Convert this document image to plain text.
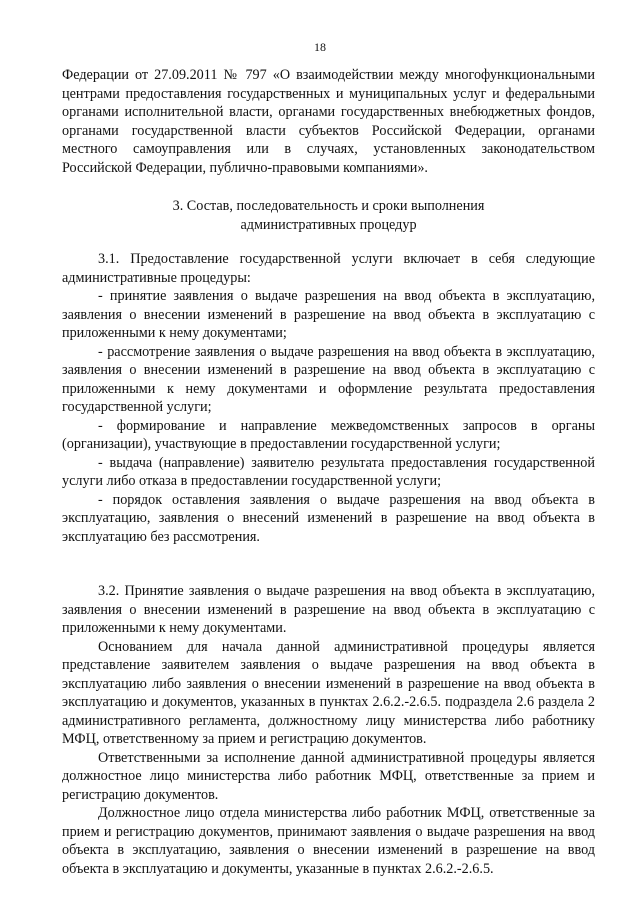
18

Федерации от 27.09.2011 № 797 «О взаимодействии между многофункциональными центрами предоставления государственных и муниципальных услуг и федеральными органами исполнительной власти, органами государственных внебюджетных фондов, органами государственной власти субъектов Российской Федерации, органами местного самоуправления или в случаях, установленных законодательством Российской Федерации, публично-правовыми компаниями».

3. Состав, последовательность и сроки выполнения
административных процедур

3.1. Предоставление государственной услуги включает в себя следующие административные процедуры:

- принятие заявления о выдаче разрешения на ввод объекта в эксплуатацию, заявления о внесении изменений в разрешение на ввод объекта в эксплуатацию с приложенными к нему документами;

- рассмотрение заявления о выдаче разрешения на ввод объекта в эксплуатацию, заявления о внесении изменений в разрешение на ввод объекта в эксплуатацию с приложенными к нему документами и оформление результата предоставления государственной услуги;

- формирование и направление межведомственных запросов в органы (организации), участвующие в предоставлении государственной услуги;

- выдача (направление) заявителю результата предоставления государственной услуги либо отказа в предоставлении государственной услуги;

- порядок оставления заявления о выдаче разрешения на ввод объекта в эксплуатацию, заявления о внесений изменений в разрешение на ввод объекта в эксплуатацию без рассмотрения.

3.2. Принятие заявления о выдаче разрешения на ввод объекта в эксплуатацию, заявления о внесении изменений в разрешение на ввод объекта в эксплуатацию с приложенными к нему документами.

Основанием для начала данной административной процедуры является представление заявителем заявления о выдаче разрешения на ввод объекта в эксплуатацию либо заявления о внесении изменений в разрешение на ввод объекта в эксплуатацию и документов, указанных в пунктах 2.6.2.-2.6.5. подраздела 2.6 раздела 2 административного регламента, должностному лицу министерства либо работнику МФЦ, ответственному за прием и регистрацию документов.

Ответственными за исполнение данной административной процедуры является должностное лицо министерства либо работник МФЦ, ответственные за прием и регистрацию документов.

Должностное лицо отдела министерства либо работник МФЦ, ответственные за прием и регистрацию документов, принимают заявления о выдаче разрешения на ввод объекта в эксплуатацию, заявления о внесении изменений в разрешение на ввод объекта в эксплуатацию и документы, указанные в пунктах 2.6.2.-2.6.5.
